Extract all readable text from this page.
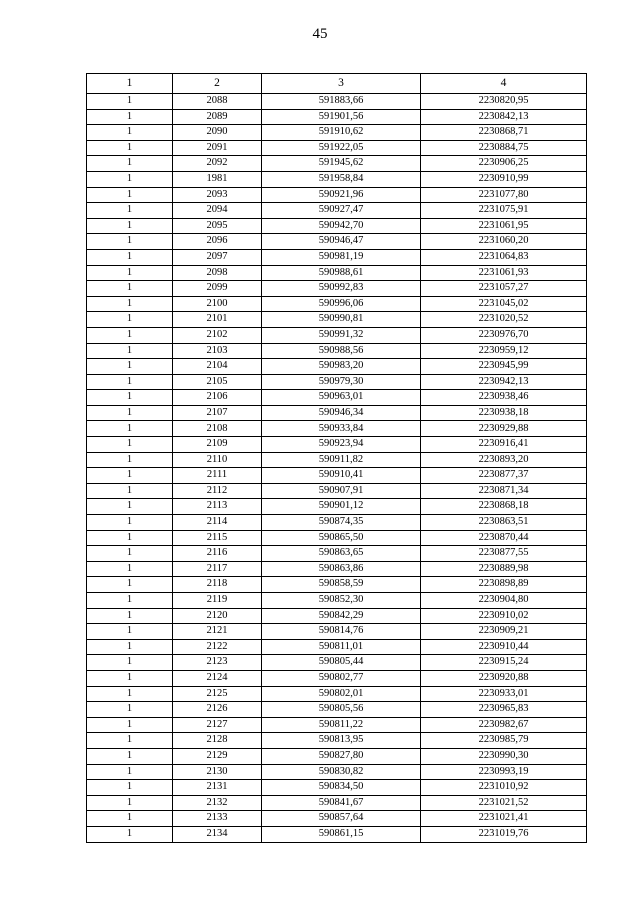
45
1	2	3	4
1	2088	591883,66	2230820,95
1	2089	591901,56	2230842,13
1	2090	591910,62	2230868,71
1	2091	591922,05	2230884,75
1	2092	591945,62	2230906,25
1	1981	591958,84	2230910,99
1	2093	590921,96	2231077,80
1	2094	590927,47	2231075,91
1	2095	590942,70	2231061,95
1	2096	590946,47	2231060,20
1	2097	590981,19	2231064,83
1	2098	590988,61	2231061,93
1	2099	590992,83	2231057,27
1	2100	590996,06	2231045,02
1	2101	590990,81	2231020,52
1	2102	590991,32	2230976,70
1	2103	590988,56	2230959,12
1	2104	590983,20	2230945,99
1	2105	590979,30	2230942,13
1	2106	590963,01	2230938,46
1	2107	590946,34	2230938,18
1	2108	590933,84	2230929,88
1	2109	590923,94	2230916,41
1	2110	590911,82	2230893,20
1	2111	590910,41	2230877,37
1	2112	590907,91	2230871,34
1	2113	590901,12	2230868,18
1	2114	590874,35	2230863,51
1	2115	590865,50	2230870,44
1	2116	590863,65	2230877,55
1	2117	590863,86	2230889,98
1	2118	590858,59	2230898,89
1	2119	590852,30	2230904,80
1	2120	590842,29	2230910,02
1	2121	590814,76	2230909,21
1	2122	590811,01	2230910,44
1	2123	590805,44	2230915,24
1	2124	590802,77	2230920,88
1	2125	590802,01	2230933,01
1	2126	590805,56	2230965,83
1	2127	590811,22	2230982,67
1	2128	590813,95	2230985,79
1	2129	590827,80	2230990,30
1	2130	590830,82	2230993,19
1	2131	590834,50	2231010,92
1	2132	590841,67	2231021,52
1	2133	590857,64	2231021,41
1	2134	590861,15	2231019,76
